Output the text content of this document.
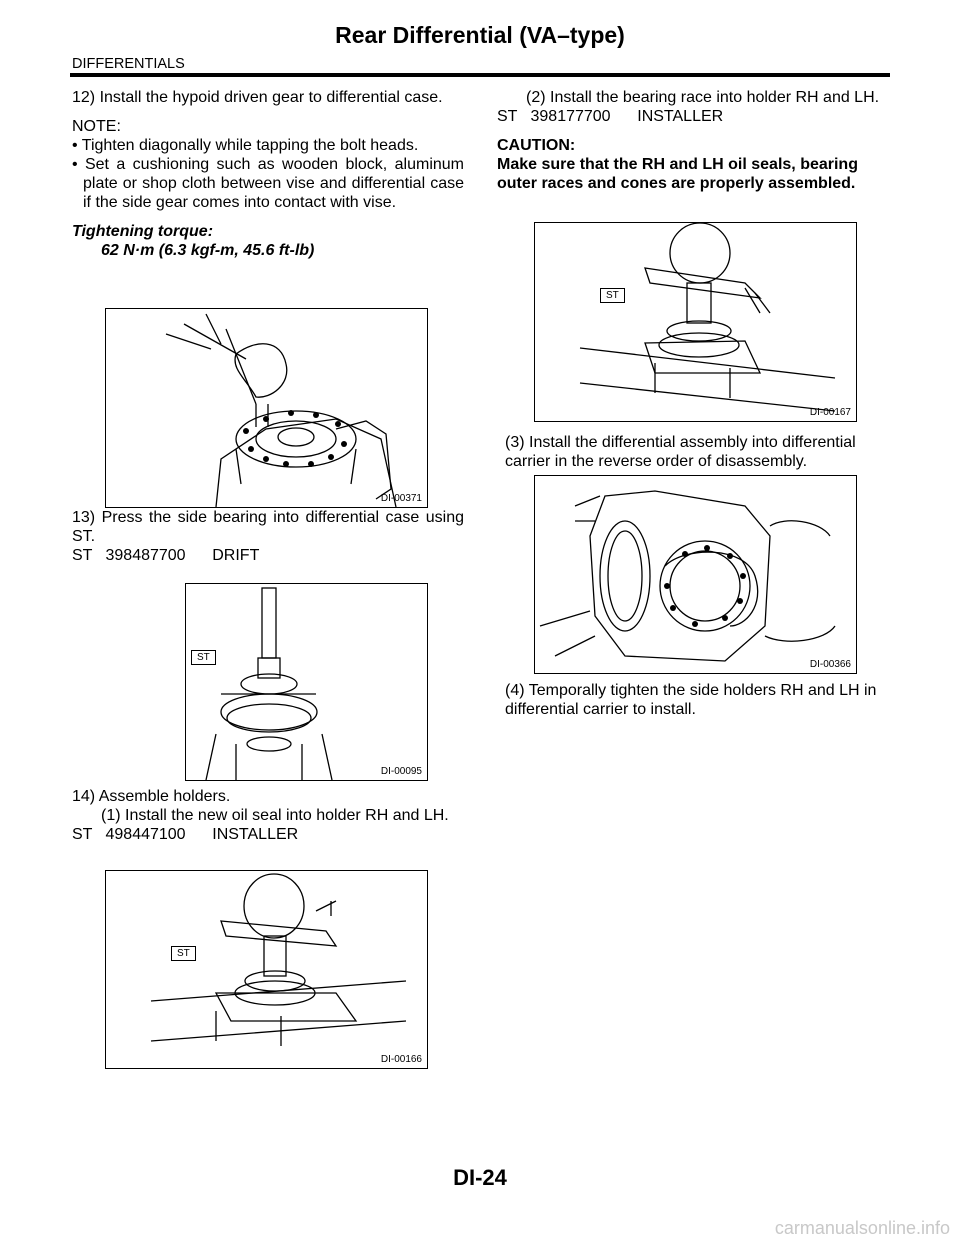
Rear Differential (VA–type)
DIFFERENTIALS

12) Install the hypoid driven gear to differential case.

NOTE:

• Tighten diagonally while tapping the bolt heads.

• Set a cushioning such as wooden block, aluminum plate or shop cloth between vise and differential case if the side gear comes into contact with vise.

Tightening torque:

62 N·m (6.3 kgf-m, 45.6 ft-lb)

13) Press the side bearing into differential case using ST.

ST   398487700      DRIFT

14) Assemble holders.

(1) Install the new oil seal into holder RH and LH.

ST   498447100      INSTALLER

(2) Install the bearing race into holder RH and LH.

ST   398177700      INSTALLER

CAUTION:

Make sure that the RH and LH oil seals, bearing outer races and cones are properly assembled.

(3) Install the differential assembly into differential carrier in the reverse order of disassembly.

(4) Temporally tighten the side holders RH and LH in differential carrier to install.

DI-00371
ST
DI-00095
ST
DI-00166
ST
DI-00167
DI-00366
DI-24
carmanualsonline.info
